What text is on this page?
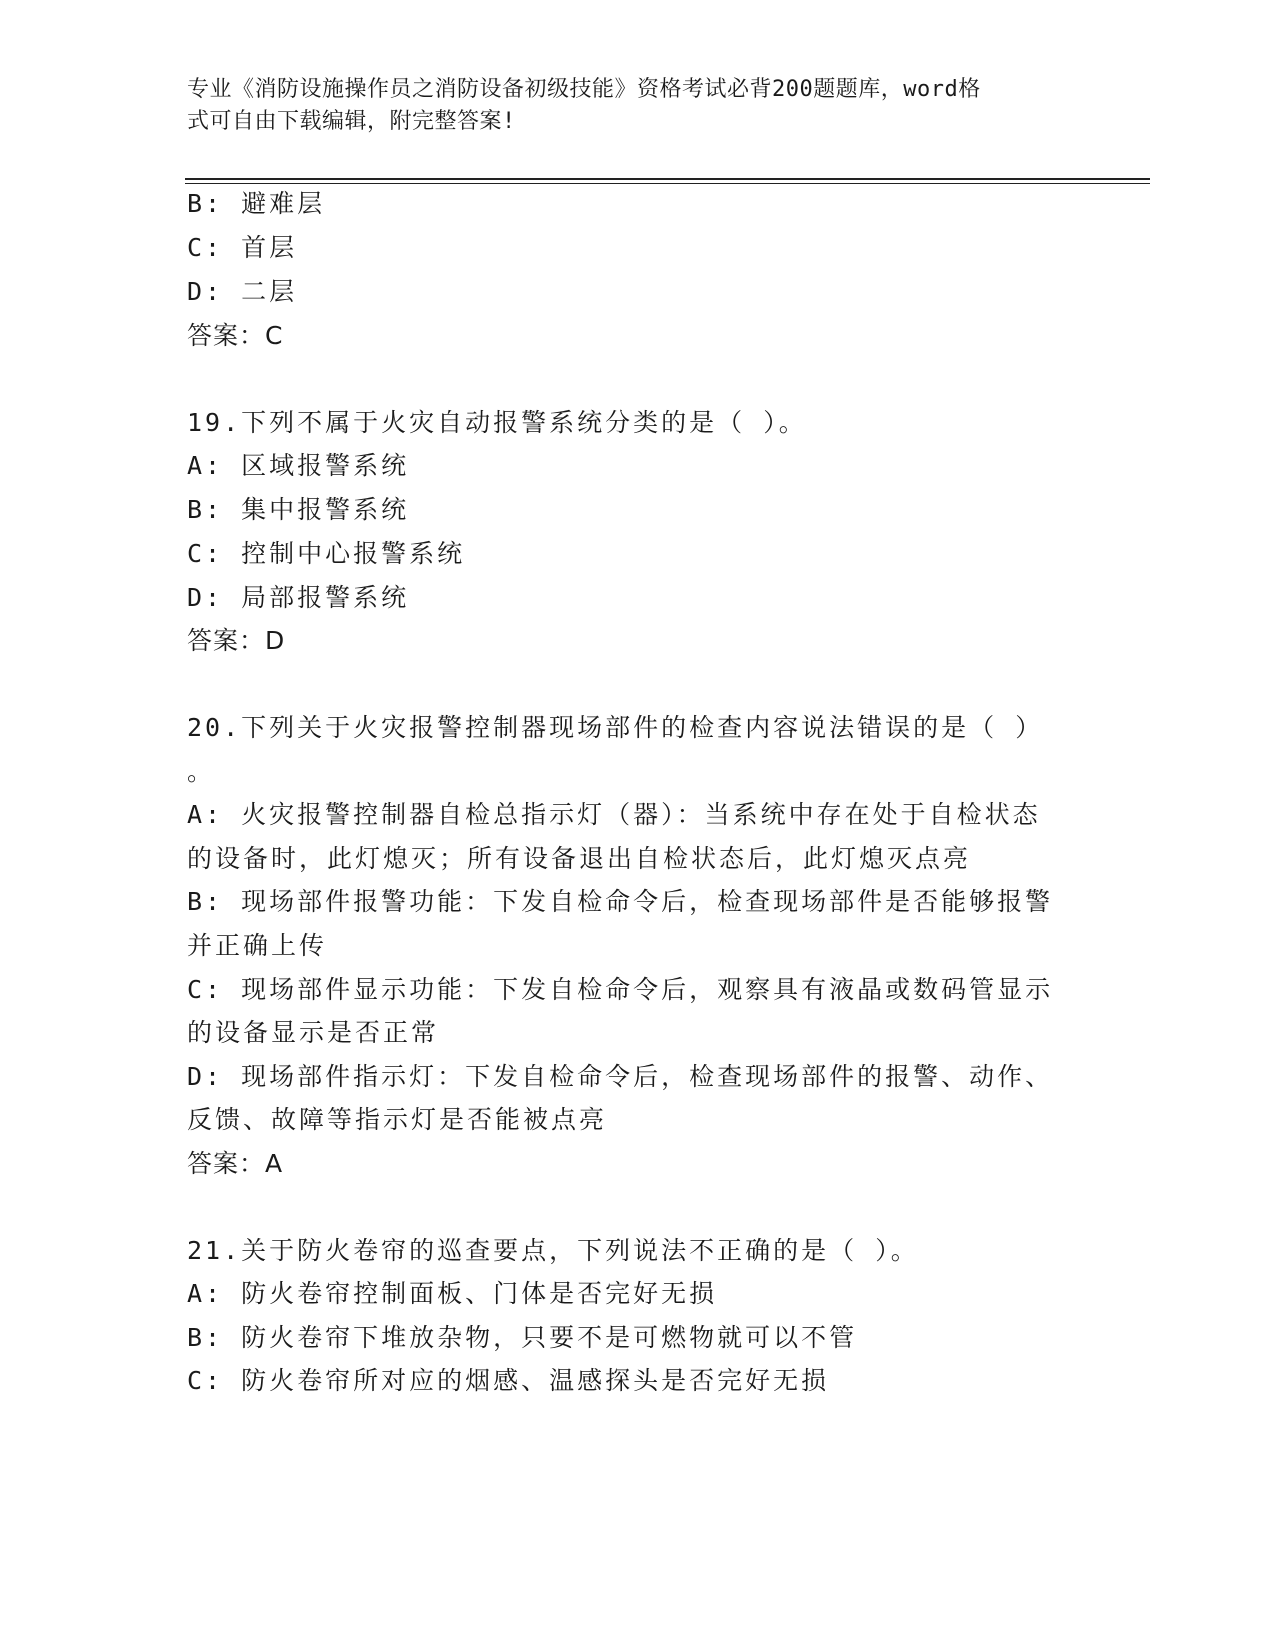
专业《消防设施操作员之消防设备初级技能》资格考试必背200题题库，word格
式可自由下载编辑，附完整答案!
B: 避难层
C: 首层
D: 二层
答案：C
19.下列不属于火灾自动报警系统分类的是（ ）。
A: 区域报警系统
B: 集中报警系统
C: 控制中心报警系统
D: 局部报警系统
答案：D
20.下列关于火灾报警控制器现场部件的检查内容说法错误的是（ ）
。
A: 火灾报警控制器自检总指示灯（器）：当系统中存在处于自检状态
的设备时，此灯熄灭；所有设备退出自检状态后，此灯熄灭点亮
B: 现场部件报警功能：下发自检命令后，检查现场部件是否能够报警
并正确上传
C: 现场部件显示功能：下发自检命令后，观察具有液晶或数码管显示
的设备显示是否正常
D: 现场部件指示灯：下发自检命令后，检查现场部件的报警、动作、
反馈、故障等指示灯是否能被点亮
答案：A
21.关于防火卷帘的巡查要点，下列说法不正确的是（ ）。
A: 防火卷帘控制面板、门体是否完好无损
B: 防火卷帘下堆放杂物，只要不是可燃物就可以不管
C: 防火卷帘所对应的烟感、温感探头是否完好无损
